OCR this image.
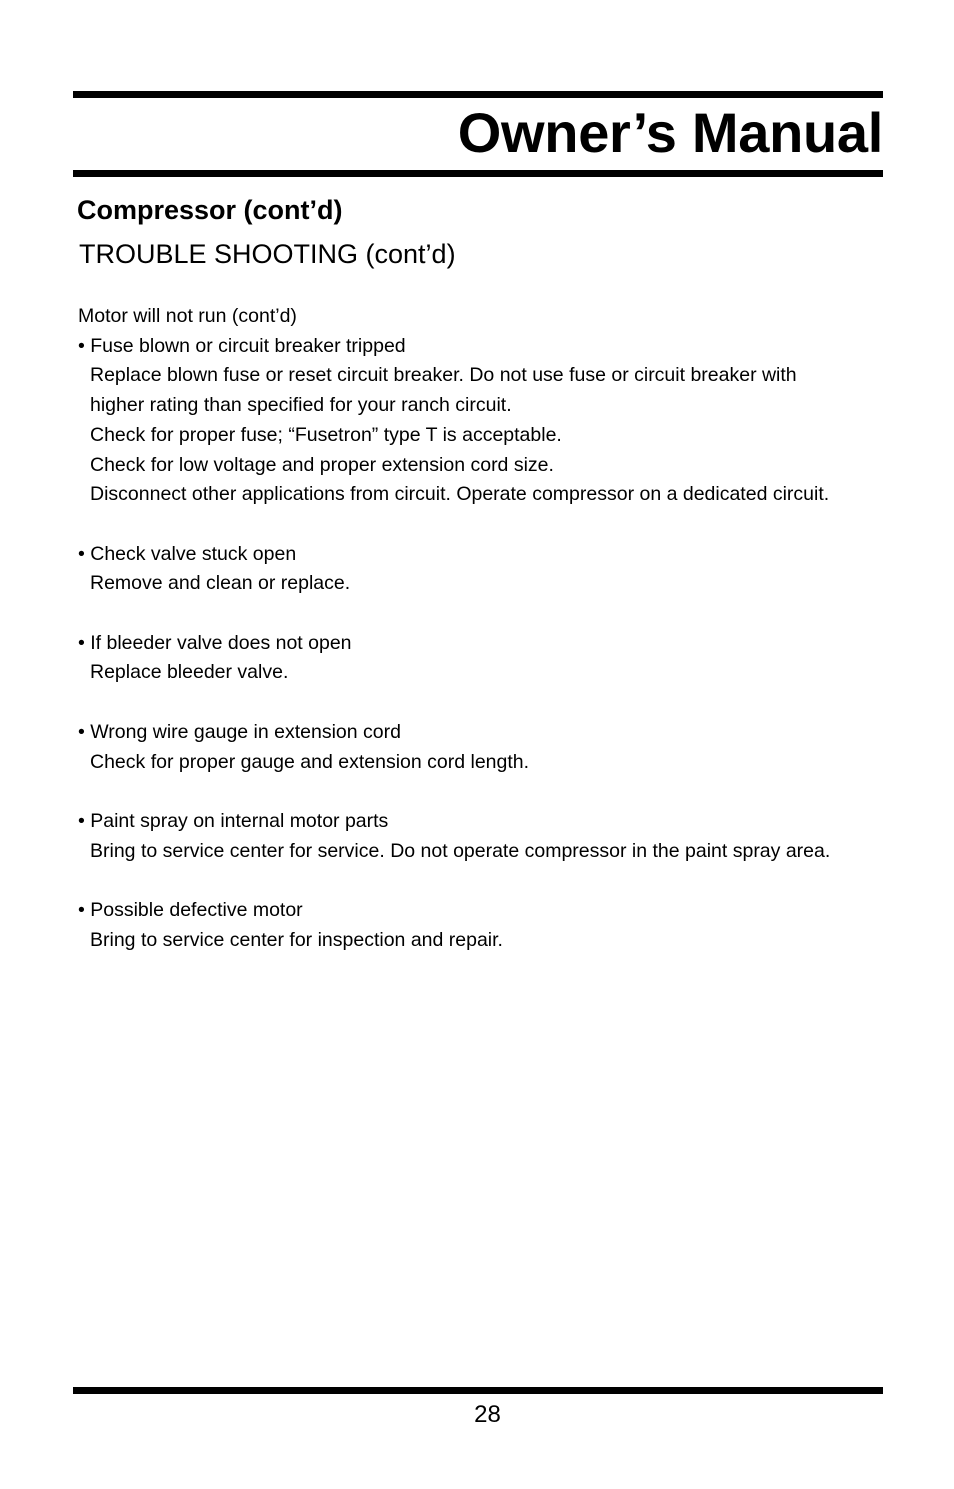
Owner’s Manual
Compressor (cont’d)
TROUBLE SHOOTING (cont’d)

Motor will not run (cont’d)

• Fuse blown or circuit breaker tripped

Replace blown fuse or reset circuit breaker. Do not use fuse or circuit breaker with

higher rating than specified for your ranch circuit.

Check for proper fuse; “Fusetron” type T is acceptable.

Check for low voltage and proper extension cord size.

Disconnect other applications from circuit. Operate compressor on a dedicated circuit.

• Check valve stuck open

Remove and clean or replace.

• If bleeder valve does not open

Replace bleeder valve.

• Wrong wire gauge in extension cord

Check for proper gauge and extension cord length.

• Paint spray on internal motor parts

Bring to service center for service. Do not operate compressor in the paint spray area.

• Possible defective motor

Bring to service center for inspection and repair.

28
